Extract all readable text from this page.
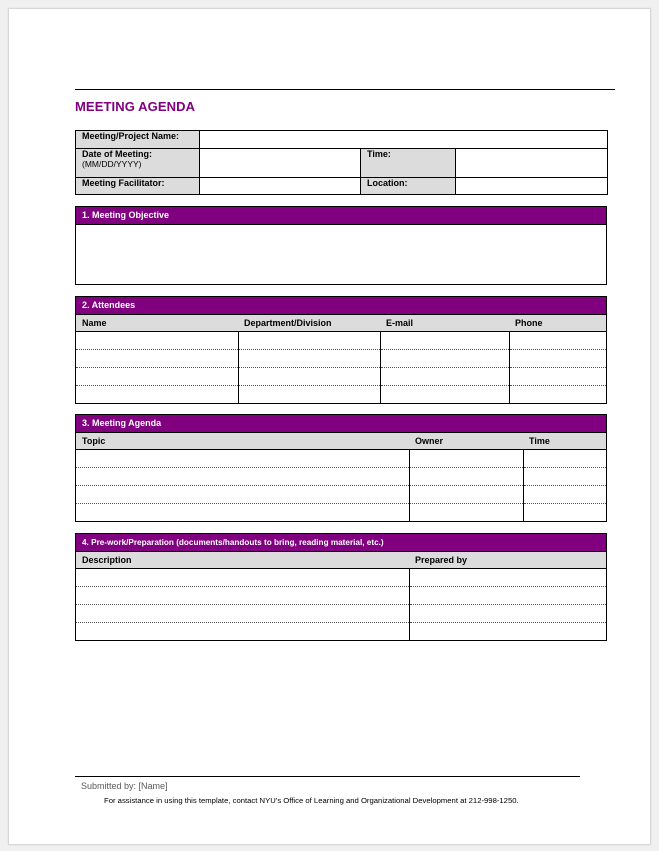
MEETING AGENDA
Meeting/Project Name:			
Date of Meeting:
(MM/DD/YYYY)		Time:	
Meeting Facilitator:		Location:	
1. Meeting Objective
2. Attendees
Name	Department/Division	E-mail	Phone

3. Meeting Agenda
Topic	Owner	Time

4. Pre-work/Preparation (documents/handouts to bring, reading material, etc.)
Description	Prepared by

Submitted by: [Name]
For assistance in using this template, contact NYU’s Office of Learning and Organizational Development at 212-998-1250.
